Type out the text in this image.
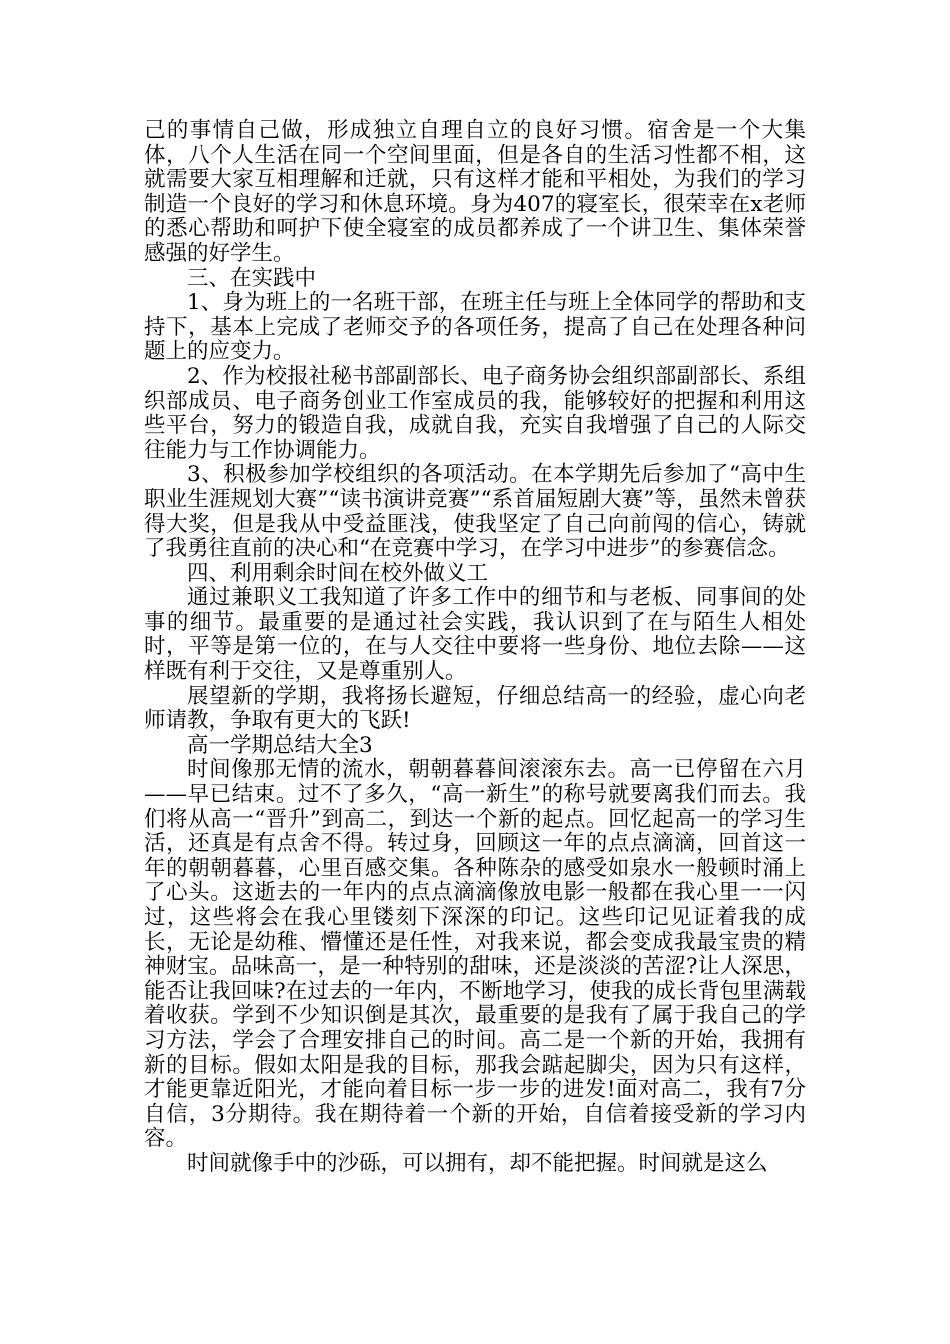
己的事情自己做，形成独立自理自立的良好习惯。宿舍是一个大集体，八个人生活在同一个空间里面，但是各自的生活习性都不相，这就需要大家互相理解和迁就，只有这样才能和平相处，为我们的学习制造一个良好的学习和休息环境。身为407的寝室长，很荣幸在x老师的悉心帮助和呵护下使全寝室的成员都养成了一个讲卫生、集体荣誉感强的好学生。

三、在实践中

1、身为班上的一名班干部，在班主任与班上全体同学的帮助和支持下，基本上完成了老师交予的各项任务，提高了自己在处理各种问题上的应变力。

2、作为校报社秘书部副部长、电子商务协会组织部副部长、系组织部成员、电子商务创业工作室成员的我，能够较好的把握和利用这些平台，努力的锻造自我，成就自我，充实自我增强了自己的人际交往能力与工作协调能力。

3、积极参加学校组织的各项活动。在本学期先后参加了“高中生职业生涯规划大赛”“读书演讲竞赛”“系首届短剧大赛”等，虽然未曾获得大奖，但是我从中受益匪浅，使我坚定了自己向前闯的信心，铸就了我勇往直前的决心和“在竞赛中学习，在学习中进步”的参赛信念。

四、利用剩余时间在校外做义工

通过兼职义工我知道了许多工作中的细节和与老板、同事间的处事的细节。最重要的是通过社会实践，我认识到了在与陌生人相处时，平等是第一位的，在与人交往中要将一些身份、地位去除——这样既有利于交往，又是尊重别人。

展望新的学期，我将扬长避短，仔细总结高一的经验，虚心向老师请教，争取有更大的飞跃!

高一学期总结大全3

时间像那无情的流水，朝朝暮暮间滚滚东去。高一已停留在六月——早已结束。过不了多久，“高一新生”的称号就要离我们而去。我们将从高一“晋升”到高二，到达一个新的起点。回忆起高一的学习生活，还真是有点舍不得。转过身，回顾这一年的点点滴滴，回首这一年的朝朝暮暮，心里百感交集。各种陈杂的感受如泉水一般顿时涌上了心头。这逝去的一年内的点点滴滴像放电影一般都在我心里一一闪过，这些将会在我心里镂刻下深深的印记。这些印记见证着我的成长，无论是幼稚、懵懂还是任性，对我来说，都会变成我最宝贵的精神财宝。品味高一，是一种特别的甜味，还是淡淡的苦涩?让人深思，能否让我回味?在过去的一年内，不断地学习，使我的成长背包里满载着收获。学到不少知识倒是其次，最重要的是我有了属于我自己的学习方法，学会了合理安排自己的时间。高二是一个新的开始，我拥有新的目标。假如太阳是我的目标，那我会踮起脚尖，因为只有这样，才能更靠近阳光，才能向着目标一步一步的进发!面对高二，我有7分自信，3分期待。我在期待着一个新的开始，自信着接受新的学习内容。

时间就像手中的沙砾，可以拥有，却不能把握。时间就是这么
